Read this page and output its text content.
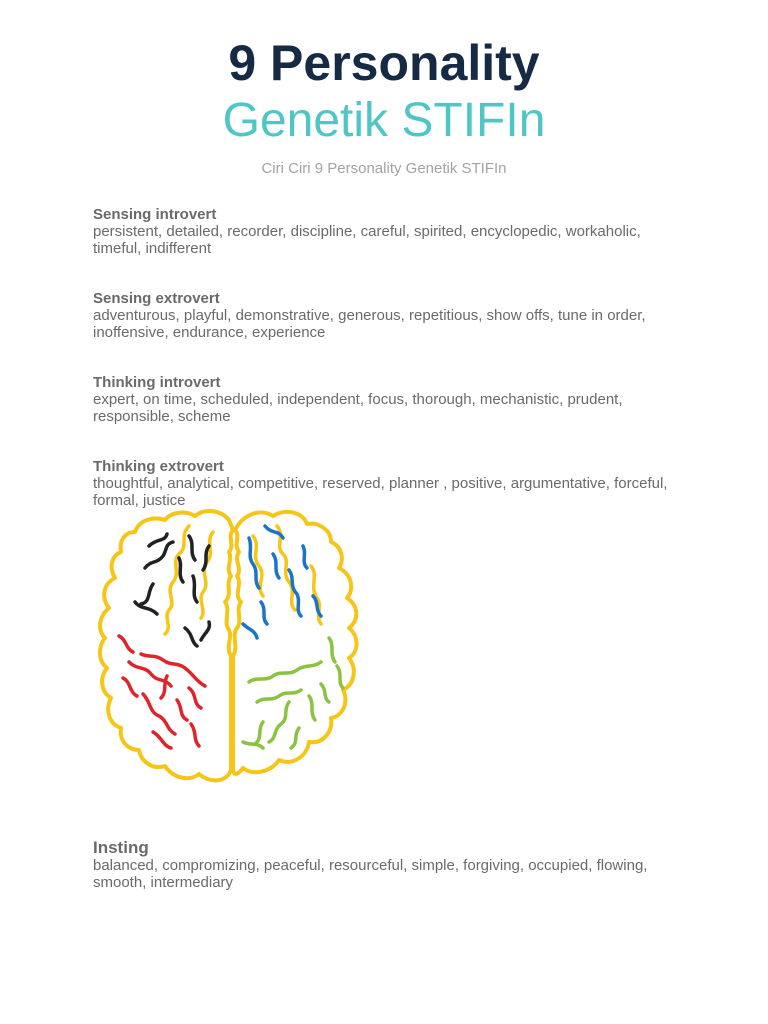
9 Personality
Genetik STIFIn
Ciri Ciri 9 Personality Genetik STIFIn
Sensing introvert
persistent, detailed, recorder, discipline, careful, spirited, encyclopedic, workaholic, timeful, indifferent
Sensing extrovert
adventurous, playful, demonstrative, generous, repetitious, show offs, tune in order, inoffensive, endurance, experience
Thinking introvert
expert, on time, scheduled, independent, focus, thorough, mechanistic, prudent, responsible, scheme
Thinking extrovert
thoughtful, analytical, competitive, reserved, planner , positive, argumentative, forceful, formal, justice
Insting
balanced, compromizing, peaceful, resourceful, simple, forgiving, occupied, flowing, smooth, intermediary
